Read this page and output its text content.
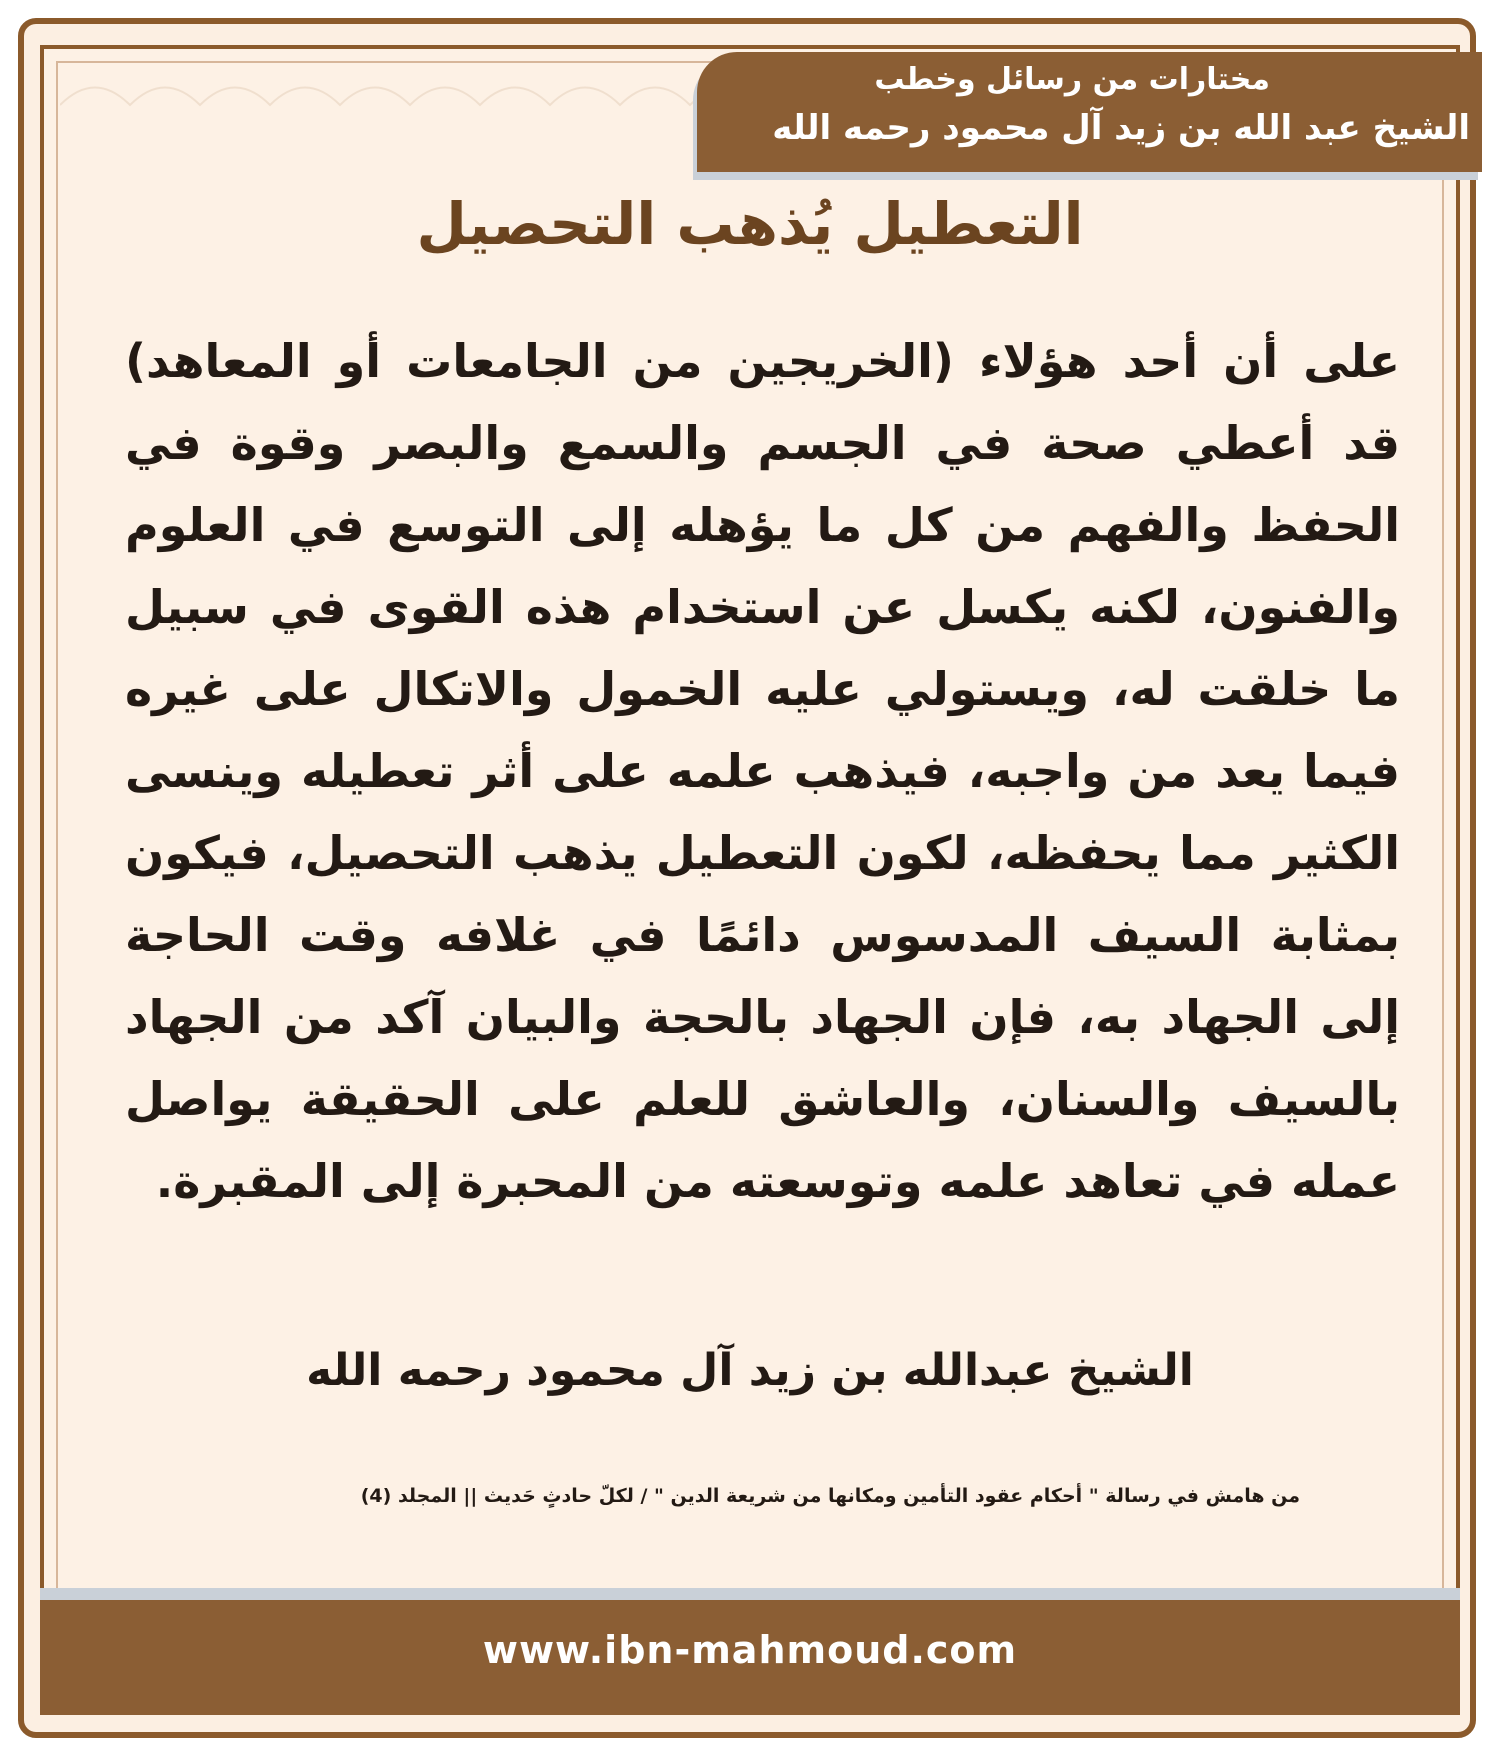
مختارات من رسائل وخطب
الشيخ عبد الله بن زيد آل محمود رحمه الله
التعطيل يُذهب التحصيل
على أن أحد هؤلاء (الخريجين من الجامعات أو المعاهد) قد أعطي صحة في الجسم والسمع والبصر وقوة في الحفظ والفهم من كل ما يؤهله إلى التوسع في العلوم والفنون، لكنه يكسل عن استخدام هذه القوى في سبيل ما خلقت له، ويستولي عليه الخمول والاتكال على غيره فيما يعد من واجبه، فيذهب علمه على أثر تعطيله وينسى الكثير مما يحفظه، لكون التعطيل يذهب التحصيل، فيكون بمثابة السيف المدسوس دائمًا في غلافه وقت الحاجة إلى الجهاد به، فإن الجهاد بالحجة والبيان آكد من الجهاد بالسيف والسنان، والعاشق للعلم على الحقيقة يواصل عمله في تعاهد علمه وتوسعته من المحبرة إلى المقبرة.
الشيخ عبدالله بن زيد آل محمود رحمه الله
من هامش في رسالة " أحكام عقود التأمين ومكانها من شريعة الدين " / لكلّ حادثٍ حَديث || المجلد (4)
www.ibn-mahmoud.com
